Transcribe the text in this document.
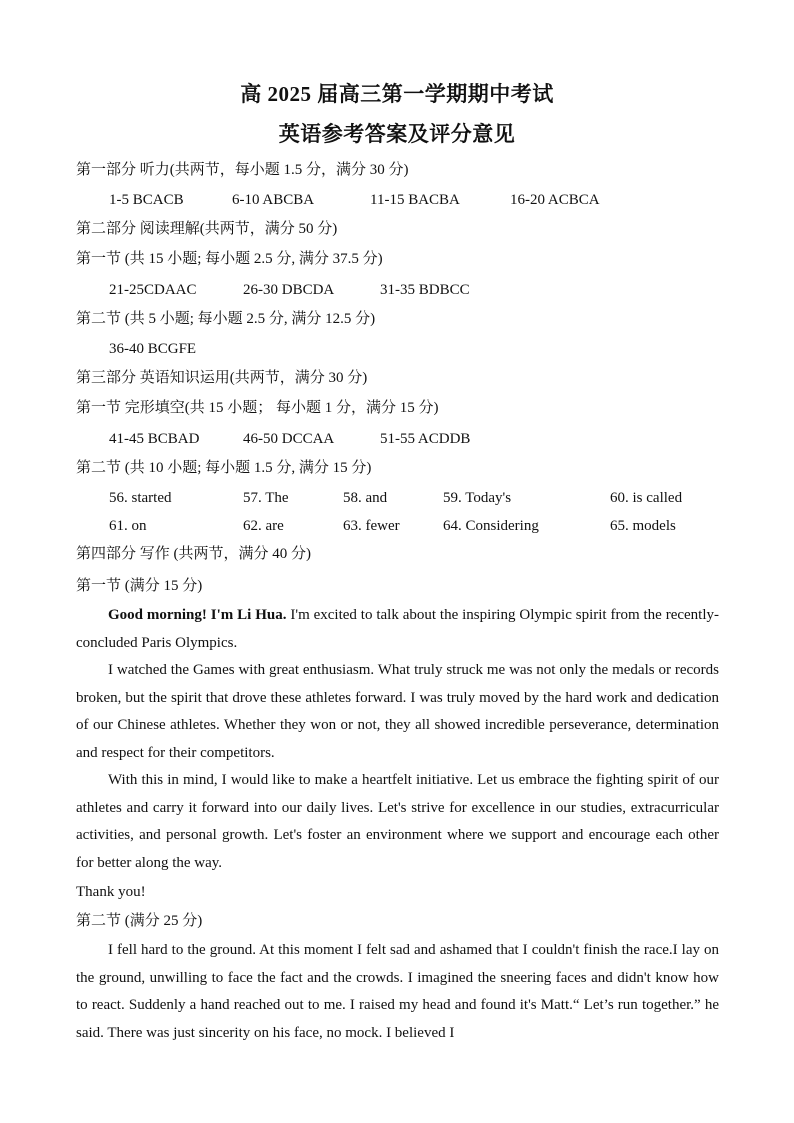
高 2025 届高三第一学期期中考试
英语参考答案及评分意见
第一部分 听力(共两节，每小题 1.5 分，满分 30 分)
1-5 BCACB	6-10 ABCBA	11-15 BACBA	16-20 ACBCA
第二部分 阅读理解(共两节，满分 50 分)
第一节 (共 15 小题; 每小题 2.5 分, 满分 37.5 分)
21-25CDAAC	26-30 DBCDA	31-35 BDBCC
第二节 (共 5 小题; 每小题 2.5 分, 满分 12.5 分)
36-40 BCGFE
第三部分 英语知识运用(共两节，满分 30 分)
第一节 完形填空(共 15 小题； 每小题 1 分，满分 15 分)
41-45 BCBAD	46-50 DCCAA	51-55 ACDDB
第二节 (共 10 小题; 每小题 1.5 分, 满分 15 分)
56. started	57. The	58. and	59. Today's	60. is called
61. on	62. are	63. fewer	64. Considering	65. models
第四部分 写作 (共两节，满分 40 分)
第一节 (满分 15 分)
Good morning! I'm Li Hua. I'm excited to talk about the inspiring Olympic spirit from the recently- concluded Paris Olympics.
I watched the Games with great enthusiasm. What truly struck me was not only the medals or records broken, but the spirit that drove these athletes forward. I was truly moved by the hard work and dedication of our Chinese athletes. Whether they won or not, they all showed incredible perseverance, determination and respect for their competitors.
With this in mind, I would like to make a heartfelt initiative. Let us embrace the fighting spirit of our athletes and carry it forward into our daily lives. Let's strive for excellence in our studies, extracurricular activities, and personal growth. Let's foster an environment where we support and encourage each other for better along the way.
Thank you!
第二节 (满分 25 分)
I fell hard to the ground. At this moment I felt sad and ashamed that I couldn't finish the race.I lay on the ground, unwilling to face the fact and the crowds. I imagined the sneering faces and didn't know how to react. Suddenly a hand reached out to me. I raised my head and found it's Matt.“ Let’s run together.” he said. There was just sincerity on his face, no mock. I believed I
